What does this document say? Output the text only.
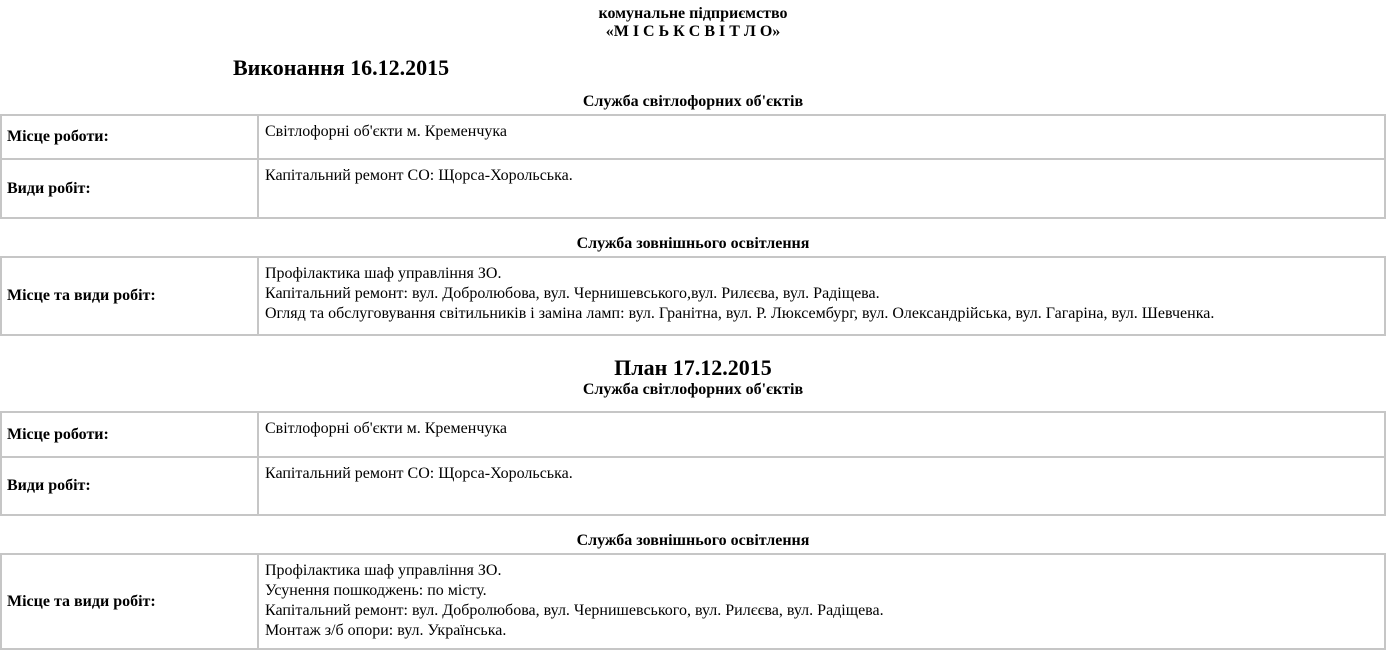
комунальне підприємство
«М І С Ь К С В І Т Л О»
Виконання 16.12.2015
Служба світлофорних об'єктів
Місце роботи:	Світлофорні об'єкти м. Кременчука

Види робіт:	Капітальний ремонт СО: Щорса-Хорольська.
Служба зовнішнього освітлення
Місце та види робіт:	
Профілактика шаф управління ЗО.
Капітальний ремонт: вул. Добролюбова, вул. Чернишевського,вул. Рилєєва, вул. Радіщева.
Огляд та обслуговування світильників і заміна ламп: вул. Гранітна, вул. Р. Люксембург, вул. Олександрійська, вул. Гагаріна, вул. Шевченка.
План 17.12.2015
Служба світлофорних об'єктів
Місце роботи:	Світлофорні об'єкти м. Кременчука

Види робіт:	Капітальний ремонт СО: Щорса-Хорольська.
Служба зовнішнього освітлення
Місце та види робіт:	
Профілактика шаф управління ЗО.
Усунення пошкоджень: по місту.
Капітальний ремонт: вул. Добролюбова, вул. Чернишевського, вул. Рилєєва, вул. Радіщева.
Монтаж з/б опори: вул. Українська.
